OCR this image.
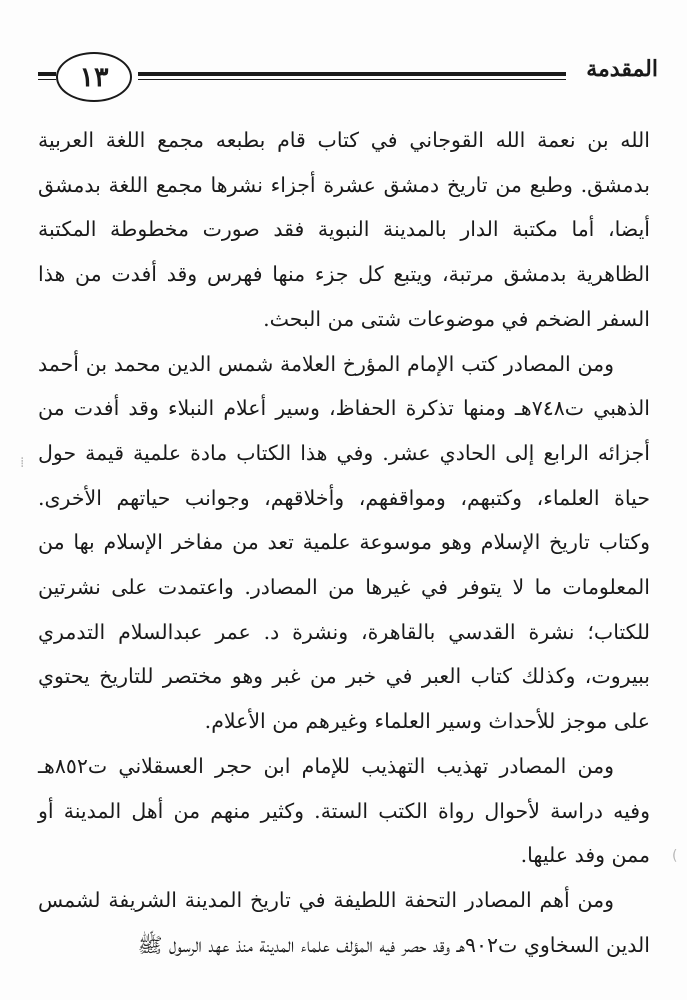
١٣	المقدمة

الله بن نعمة الله القوجاني في كتاب قام بطبعه مجمع اللغة العربية بدمشق. وطبع من تاريخ دمشق عشرة أجزاء نشرها مجمع اللغة بدمشق أيضا، أما مكتبة الدار بالمدينة النبوية فقد صورت مخطوطة المكتبة الظاهرية بدمشق مرتبة، ويتبع كل جزء منها فهرس وقد أفدت من هذا السفر الضخم في موضوعات شتى من البحث.

ومن المصادر كتب الإمام المؤرخ العلامة شمس الدين محمد بن أحمد الذهبي ت٧٤٨هـ ومنها تذكرة الحفاظ، وسير أعلام النبلاء وقد أفدت من أجزائه الرابع إلى الحادي عشر. وفي هذا الكتاب مادة علمية قيمة حول حياة العلماء، وكتبهم، ومواقفهم، وأخلاقهم، وجوانب حياتهم الأخرى. وكتاب تاريخ الإسلام وهو موسوعة علمية تعد من مفاخر الإسلام بها من المعلومات ما لا يتوفر في غيرها من المصادر. واعتمدت على نشرتين للكتاب؛ نشرة القدسي بالقاهرة، ونشرة د. عمر عبدالسلام التدمري ببيروت، وكذلك كتاب العبر في خبر من غبر وهو مختصر للتاريخ يحتوي على موجز للأحداث وسير العلماء وغيرهم من الأعلام.

ومن المصادر تهذيب التهذيب للإمام ابن حجر العسقلاني ت٨٥٢هـ وفيه دراسة لأحوال رواة الكتب الستة. وكثير منهم من أهل المدينة أو ممن وفد عليها.

ومن أهم المصادر التحفة اللطيفة في تاريخ المدينة الشريفة لشمس الدين السخاوي ت٩٠٢هـ وقد حصر فيه المؤلف علماء المدينة منذ عهد الرسول ﷺ

⁞
(
